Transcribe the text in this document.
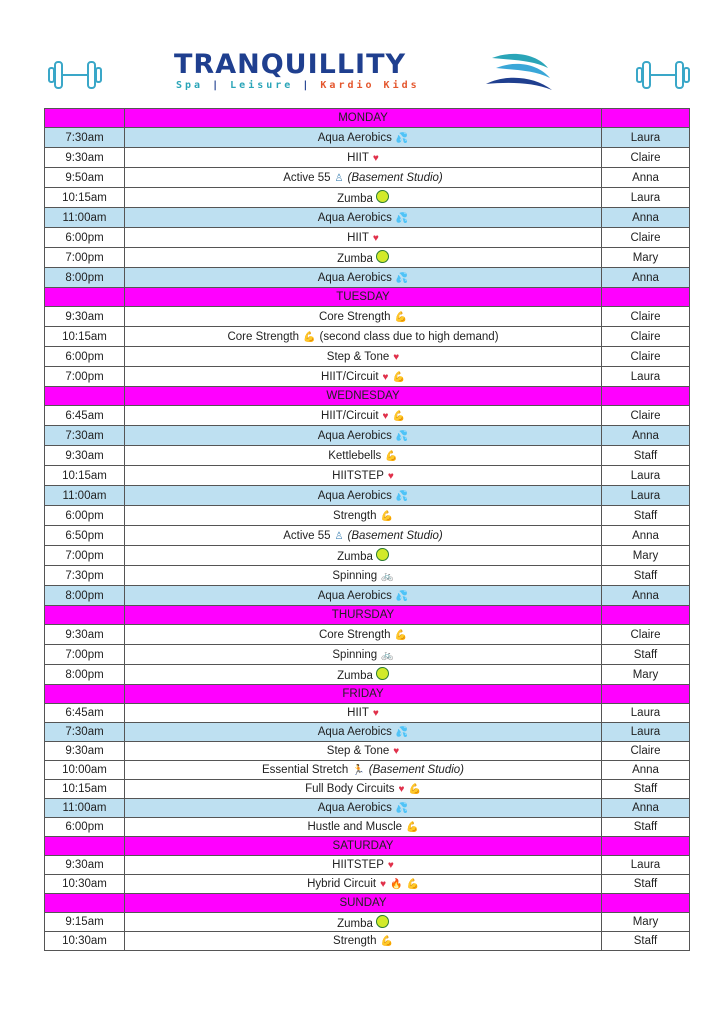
TRANQUILLITY
Spa | Leisure | Kardio Kids
	MONDAY	
7:30am	Aqua Aerobics 💦	Laura
9:30am	HIIT ♥	Claire
9:50am	Active 55 ♙ (Basement Studio)	Anna
10:15am	Zumba	Laura
11:00am	Aqua Aerobics 💦	Anna
6:00pm	HIIT ♥	Claire
7:00pm	Zumba	Mary
8:00pm	Aqua Aerobics 💦	Anna
	TUESDAY	
9:30am	Core Strength 💪	Claire
10:15am	Core Strength 💪 (second class due to high demand)	Claire
6:00pm	Step & Tone ♥	Claire
7:00pm	HIIT/Circuit ♥ 💪	Laura
	WEDNESDAY	
6:45am	HIIT/Circuit ♥ 💪	Claire
7:30am	Aqua Aerobics 💦	Anna
9:30am	Kettlebells 💪	Staff
10:15am	HIITSTEP ♥	Laura
11:00am	Aqua Aerobics 💦	Laura
6:00pm	Strength 💪	Staff
6:50pm	Active 55 ♙ (Basement Studio)	Anna
7:00pm	Zumba	Mary
7:30pm	Spinning 🚲	Staff
8:00pm	Aqua Aerobics 💦	Anna
	THURSDAY	
9:30am	Core Strength 💪	Claire
7:00pm	Spinning 🚲	Staff
8:00pm	Zumba	Mary
	FRIDAY	
6:45am	HIIT ♥	Laura
7:30am	Aqua Aerobics 💦	Laura
9:30am	Step & Tone ♥	Claire
10:00am	Essential Stretch 🏃 (Basement Studio)	Anna
10:15am	Full Body Circuits ♥ 💪	Staff
11:00am	Aqua Aerobics 💦	Anna
6:00pm	Hustle and Muscle 💪	Staff
	SATURDAY	
9:30am	HIITSTEP ♥	Laura
10:30am	Hybrid Circuit ♥ 🔥 💪	Staff
	SUNDAY	
9:15am	Zumba	Mary
10:30am	Strength 💪	Staff
